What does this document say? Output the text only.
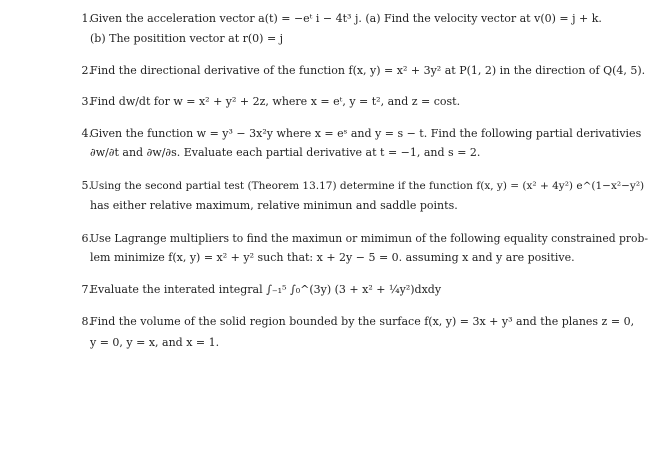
1.
Given the acceleration vector a(t) = −eᵗ i − 4t³ j. (a) Find the velocity vector at v(0) = j + k.
(b) The positition vector at r(0) = j
2.
Find the directional derivative of the function f(x, y) = x² + 3y² at P(1, 2) in the direction of Q(4, 5).
3.
Find dw/dt for w = x² + y² + 2z, where x = eᵗ, y = t², and z = cost.
4.
Given the function w = y³ − 3x²y where x = eˢ and y = s − t. Find the following partial derivativies
∂w/∂t and ∂w/∂s. Evaluate each partial derivative at t = −1, and s = 2.
5.
Using the second partial test (Theorem 13.17) determine if the function f(x, y) = (x² + 4y²) e^(1−x²−y²)
has either relative maximum, relative minimun and saddle points.
6.
Use Lagrange multipliers to find the maximun or mimimun of the following equality constrained prob-
lem minimize f(x, y) = x² + y² such that: x + 2y − 5 = 0. assuming x and y are positive.
7.
Evaluate the interated integral ∫₋₁⁵ ∫₀^(3y) (3 + x² + ¼y²)dxdy
8.
Find the volume of the solid region bounded by the surface f(x, y) = 3x + y³ and the planes z = 0,
y = 0, y = x, and x = 1.
